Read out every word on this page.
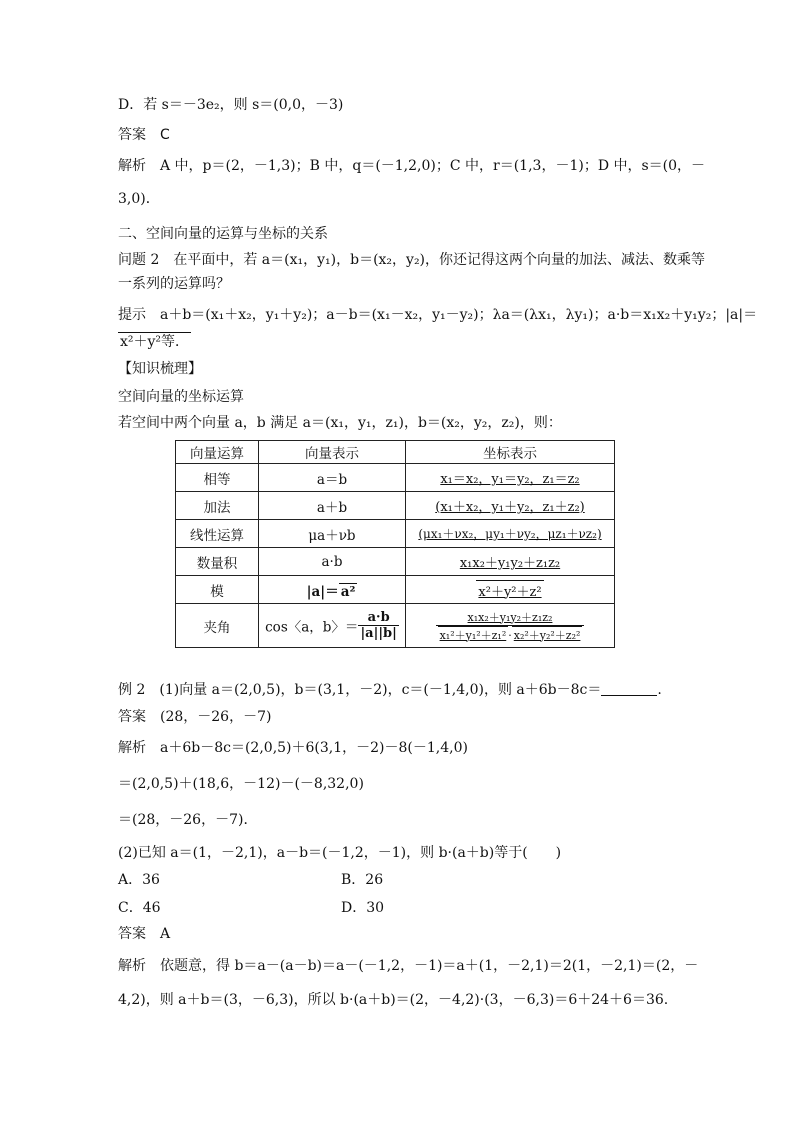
D．若 s＝－3e₂，则 s＝(0,0，－3)
答案　C
解析　A 中，p＝(2，－1,3)；B 中，q＝(－1,2,0)；C 中，r＝(1,3，－1)；D 中，s＝(0，－
3,0)．
二、空间向量的运算与坐标的关系
问题 2　在平面中，若 a＝(x₁，y₁)，b＝(x₂，y₂)，你还记得这两个向量的加法、减法、数乘等
一系列的运算吗？
提示　a＋b＝(x₁＋x₂，y₁＋y₂)；a－b＝(x₁－x₂，y₁－y₂)；λa＝(λx₁，λy₁)；a·b＝x₁x₂＋y₁y₂；|a|＝
x²＋y²等．
【知识梳理】
空间向量的坐标运算
若空间中两个向量 a，b 满足 a＝(x₁，y₁，z₁)，b＝(x₂，y₂，z₂)，则：
向量运算	向量表示	坐标表示
相等	a＝b	x₁＝x₂，y₁＝y₂，z₁＝z₂
加法	a＋b	(x₁＋x₂，y₁＋y₂，z₁＋z₂)
线性运算	μa＋νb	(μx₁＋νx₂，μy₁＋νy₂，μz₁＋νz₂)
数量积	a·b	x₁x₂＋y₁y₂＋z₁z₂
模	|a|＝ a²	x²＋y²＋z²
夹角	cos〈a，b〉＝ $\frac{a\cdot b}{|a||b|}$	$\frac{\text{x₁x₂＋y₁y₂＋z₁z₂}}{\text{x₁²＋y₁²＋z₁² · x₂²＋y₂²＋z₂²}}$
例 2　(1)向量 a＝(2,0,5)，b＝(3,1，－2)，c＝(－1,4,0)，则 a＋6b－8c＝	.
答案　(28，－26，－7)
解析　a＋6b－8c＝(2,0,5)＋6(3,1，－2)－8(－1,4,0)
＝(2,0,5)＋(18,6，－12)－(－8,32,0)
＝(28，－26，－7)．
(2)已知 a＝(1，－2,1)，a－b＝(－1,2，－1)，则 b·(a＋b)等于(　　)
A．36	B．26
C．46	D．30
答案　A
解析　依题意，得 b＝a－(a－b)＝a－(－1,2，－1)＝a＋(1，－2,1)＝2(1，－2,1)＝(2，－
4,2)，则 a＋b＝(3，－6,3)，所以 b·(a＋b)＝(2，－4,2)·(3，－6,3)＝6＋24＋6＝36.
